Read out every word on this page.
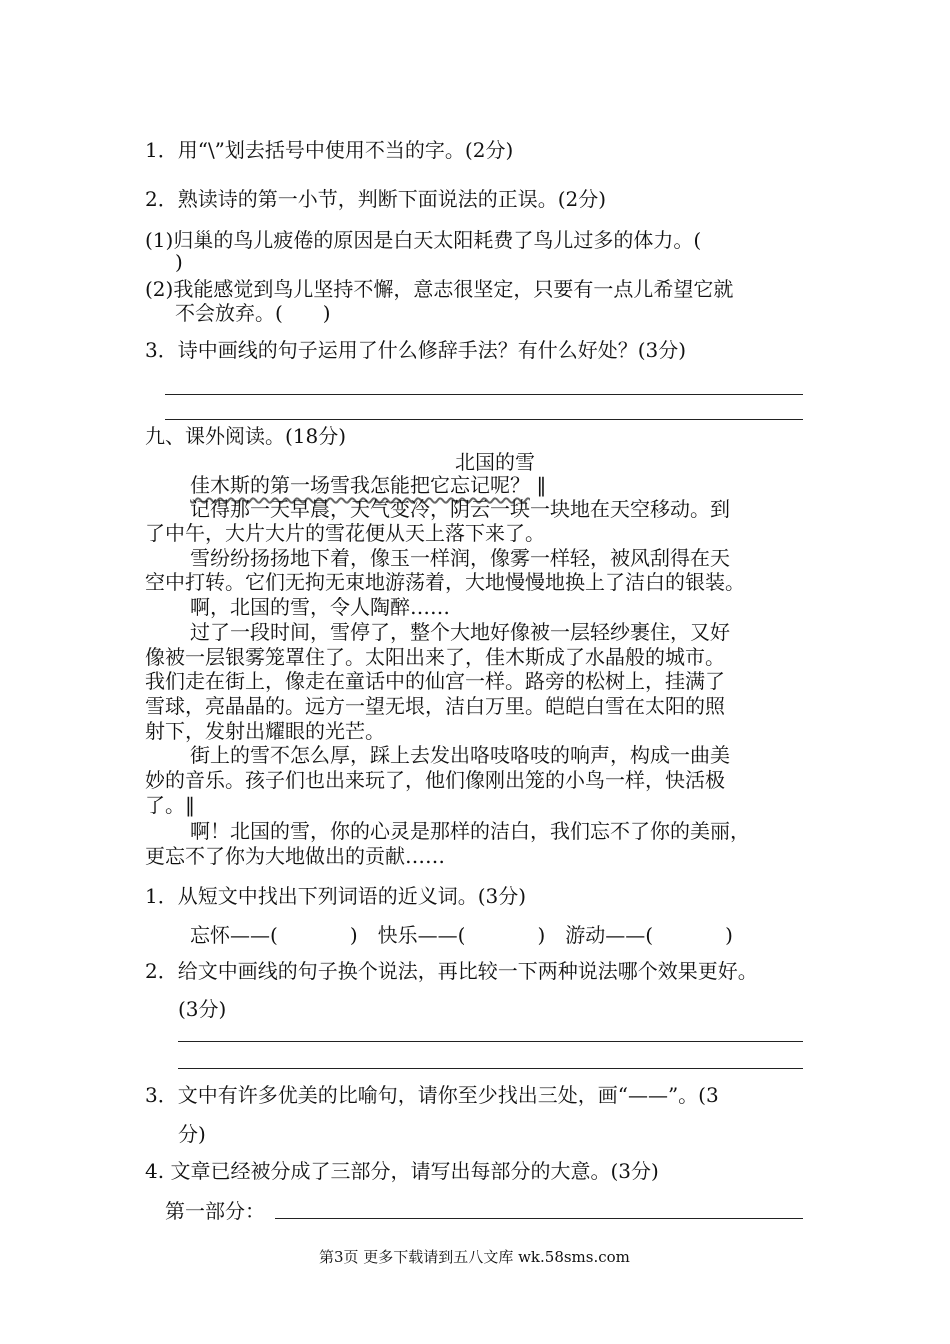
1．用“\”划去括号中使用不当的字。(2分)
2．熟读诗的第一小节，判断下面说法的正误。(2分)
(1)归巢的鸟儿疲倦的原因是白天太阳耗费了鸟儿过多的体力。(
)
(2)我能感觉到鸟儿坚持不懈，意志很坚定，只要有一点儿希望它就
不会放弃。(　　)
3．诗中画线的句子运用了什么修辞手法？有什么好处？(3分)
九、课外阅读。(18分)
北国的雪
佳木斯的第一场雪我怎能把它忘记呢？ ‖
记得那一天早晨，天气变冷，阴云一块一块地在天空移动。到
了中午，大片大片的雪花便从天上落下来了。
雪纷纷扬扬地下着，像玉一样润，像雾一样轻，被风刮得在天
空中打转。它们无拘无束地游荡着，大地慢慢地换上了洁白的银装。
啊，北国的雪，令人陶醉……
过了一段时间，雪停了，整个大地好像被一层轻纱裹住，又好
像被一层银雾笼罩住了。太阳出来了，佳木斯成了水晶般的城市。
我们走在街上，像走在童话中的仙宫一样。路旁的松树上，挂满了
雪球，亮晶晶的。远方一望无垠，洁白万里。皑皑白雪在太阳的照
射下，发射出耀眼的光芒。
街上的雪不怎么厚，踩上去发出咯吱咯吱的响声，构成一曲美
妙的音乐。孩子们也出来玩了，他们像刚出笼的小鸟一样，快活极
了。‖
啊！北国的雪，你的心灵是那样的洁白，我们忘不了你的美丽，
更忘不了你为大地做出的贡献……
1．从短文中找出下列词语的近义词。(3分)
忘怀——(	)　 快乐——(	)　 游动——(	)
2．给文中画线的句子换个说法，再比较一下两种说法哪个效果更好。
(3分)
3．文中有许多优美的比喻句，请你至少找出三处，画“——”。(3
分)
4. 文章已经被分成了三部分，请写出每部分的大意。(3分)
第一部分：
第3页 更多下载请到五八文库 wk.58sms.com
